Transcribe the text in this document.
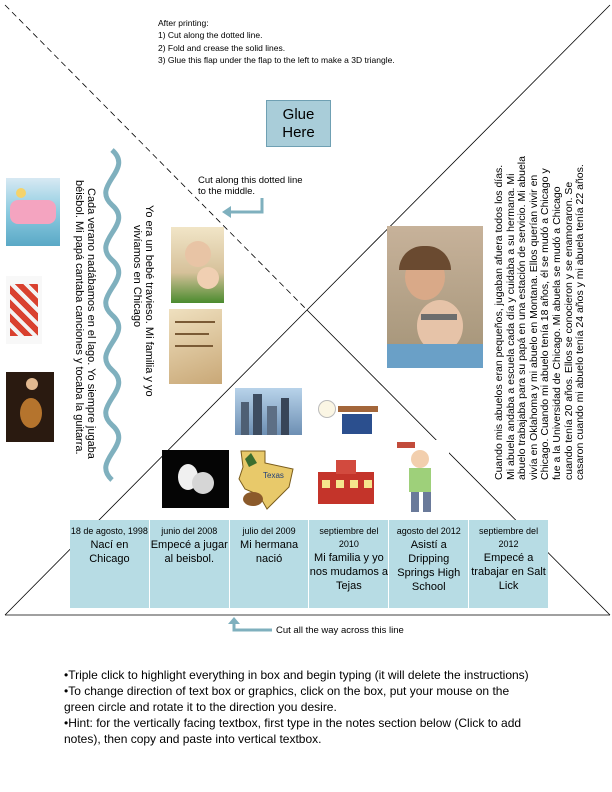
After printing:
1) Cut along the dotted line.
2) Fold and crease the solid lines.
3) Glue this flap under the flap to the left to make a 3D triangle.
Glue
Here
Cut along this dotted line to the middle.
Yo era un bebé travieso. Mi familia y yo
vivíamos en Chicago
Cada verano nadábamos en el lago. Yo siempre jugaba
béisbol. Mi papá cantaba canciones y tocaba la guitarra.
Texas	Cuando mis abuelos eran pequeños, jugaban afuera todos los días. Mi abuela andaba a escuela cada día y cuidaba a su hermana. Mi abuelo trabajaba para su papá en una estación de servicio. Mi abuela vivía en Oklahoma y mi abuelo en Montana. Ellos querían vivir en Chicago. Cuando mi abuelo tenía 18 años, él se mudó a Chicago y fue a la Universidad de Chicago. Mi abuela se mudó a Chicago cuando tenía 20 años. Ellos se conocieron y se enamoraron. Se casaron cuando mi abuelo tenía 24 años y mi abuela tenía 22 años.
18 de agosto, 1998
Nací en Chicago
junio del 2008
Empecé a jugar al beisbol.
julio del 2009
Mi hermana nació
septiembre del 2010
Mi familia y yo nos mudamos a Tejas
agosto del 2012
Asistí a Dripping Springs High School
septiembre del 2012
Empecé a trabajar en Salt Lick
Cut all the way across this line
•Triple click to highlight everything in box and begin typing (it will delete the instructions)
•To change direction of text box or graphics, click on the box, put your mouse on the green circle and rotate it to the direction you desire.
•Hint: for the vertically facing textbox, first type in the notes section below (Click to add notes), then copy and paste into vertical textbox.
